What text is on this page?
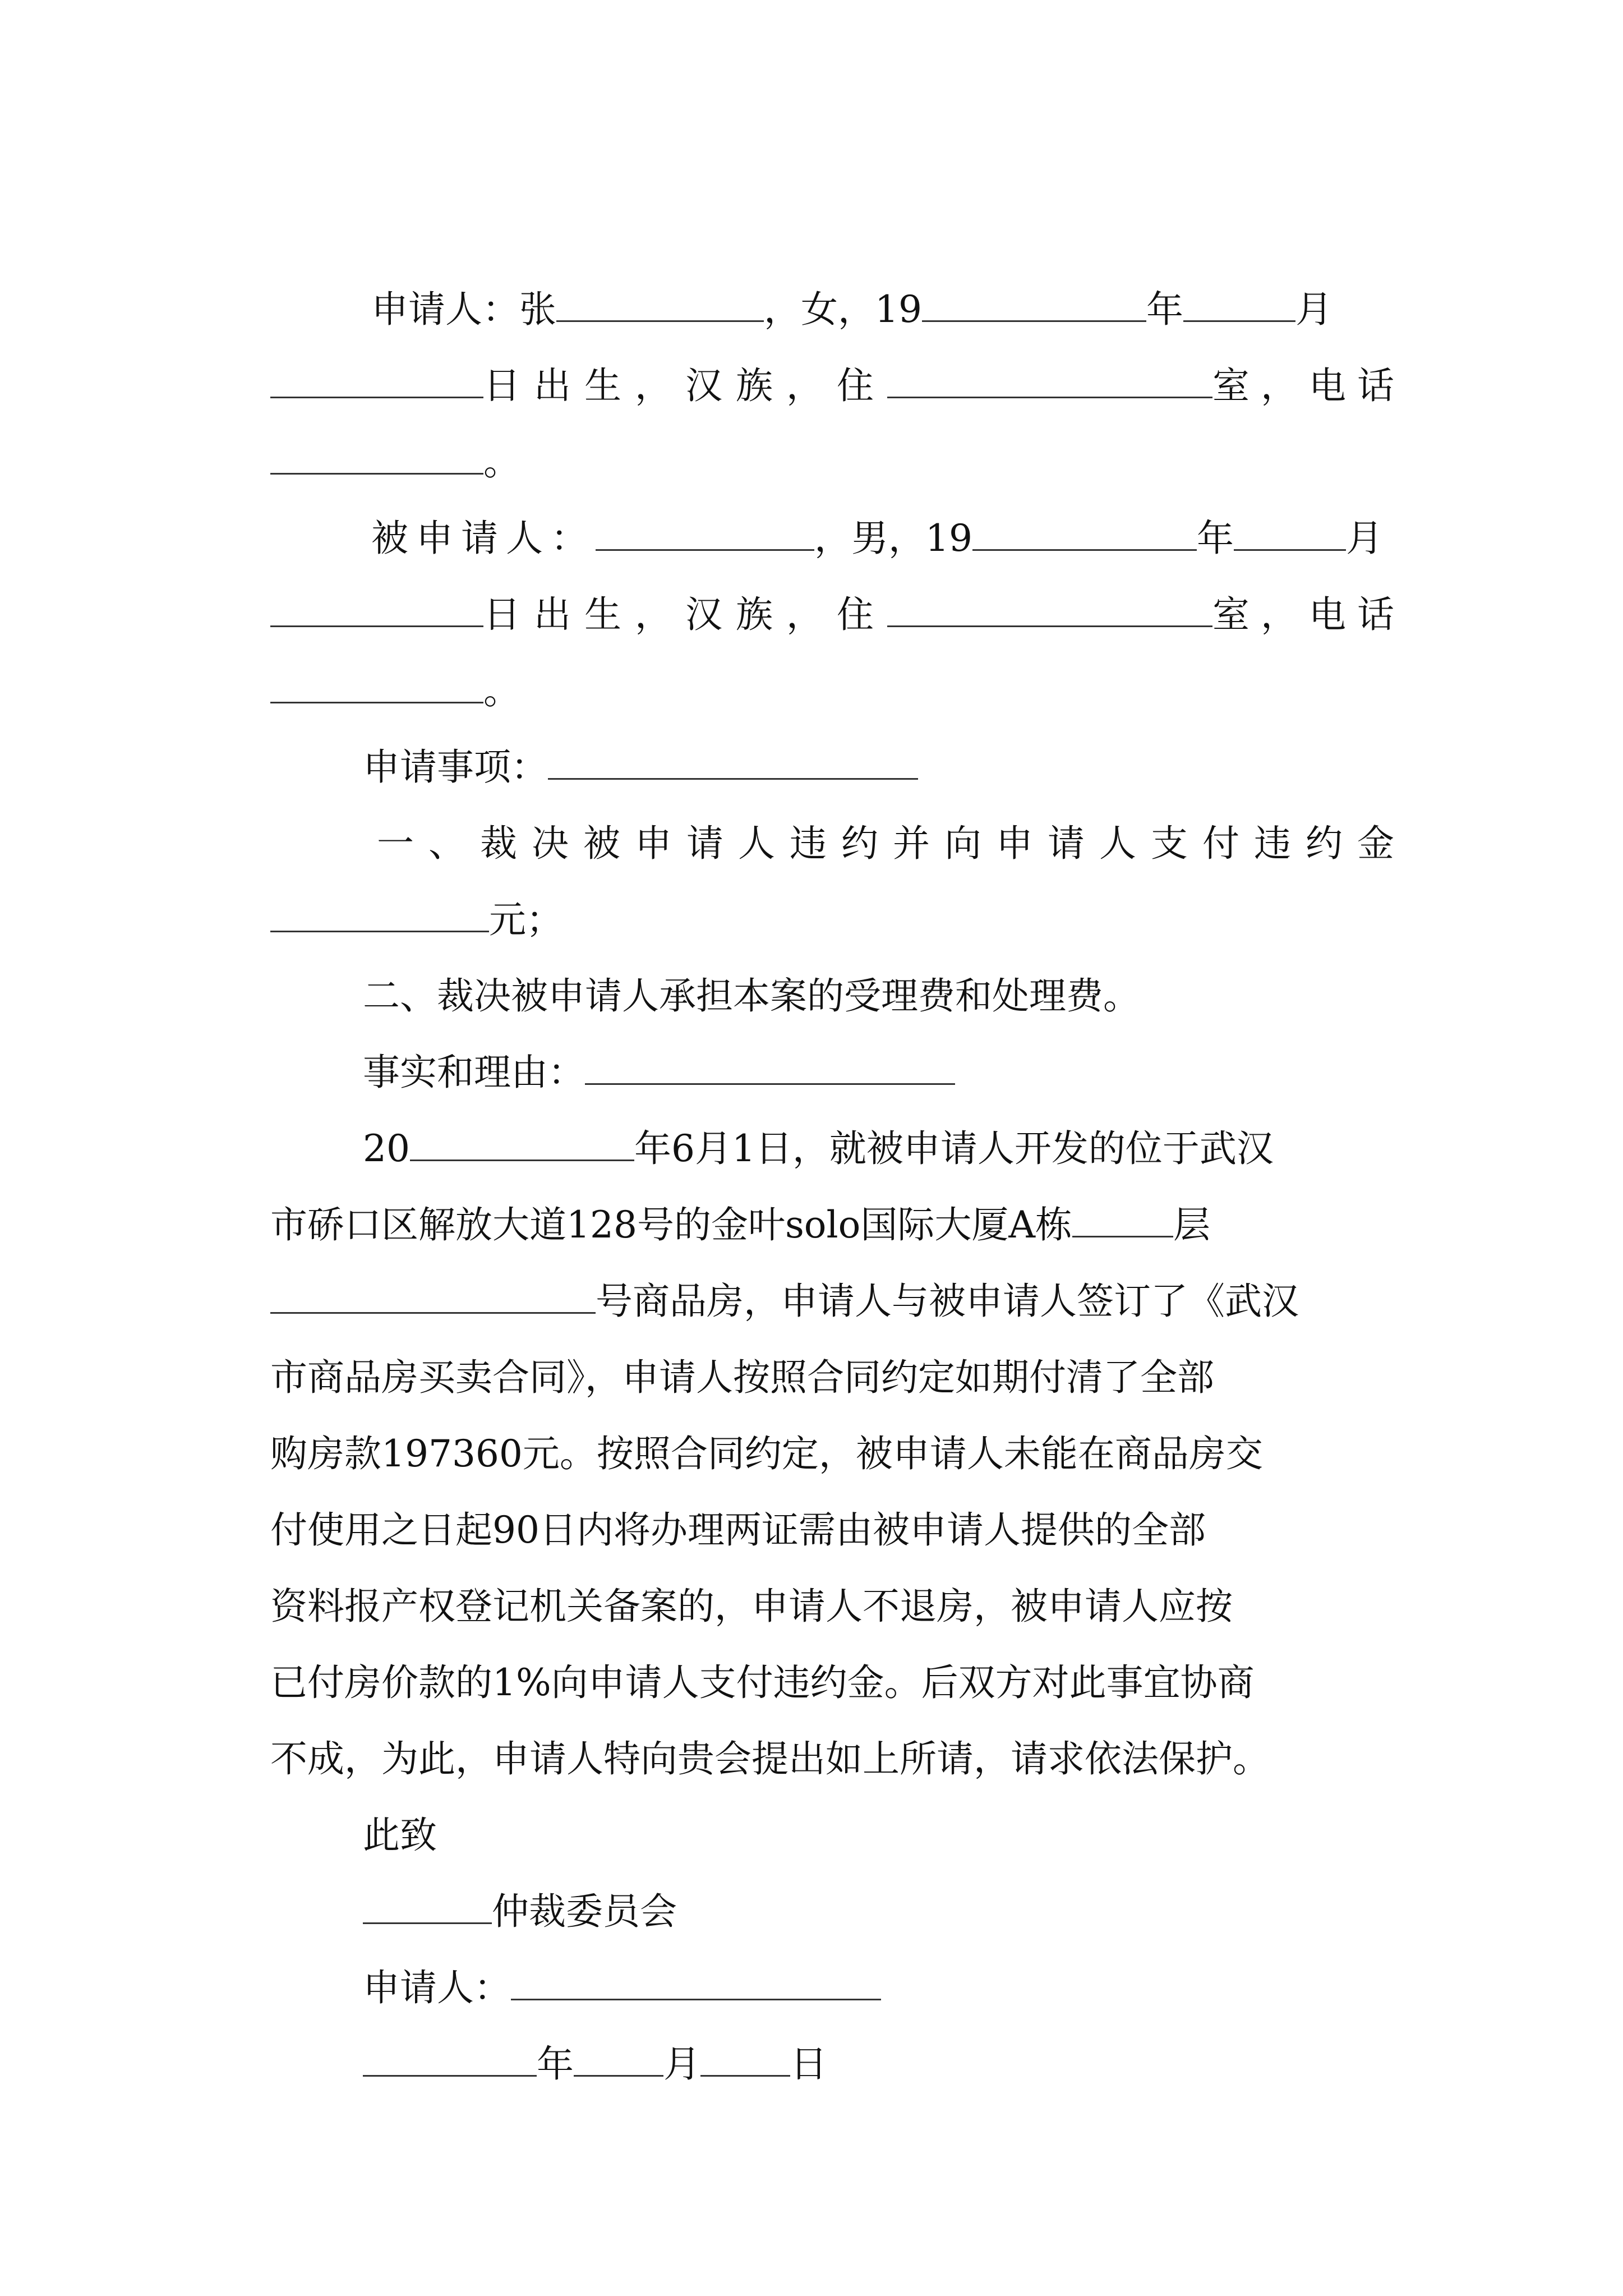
申请人：张	，女，19	年	月

日出生，汉族，住	室，电话

。

被申请人：	，男，19	年	月

日出生，汉族，住	室，电话

。

申请事项：

一、裁决被申请人违约并向申请人支付违约金

元；

二、裁决被申请人承担本案的受理费和处理费。

事实和理由：

20	年6月1日，就被申请人开发的位于武汉

市硚口区解放大道128号的金叶solo国际大厦A栋	层

号商品房，申请人与被申请人签订了《武汉

市商品房买卖合同》，申请人按照合同约定如期付清了全部

购房款197360元。按照合同约定，被申请人未能在商品房交

付使用之日起90日内将办理两证需由被申请人提供的全部

资料报产权登记机关备案的，申请人不退房，被申请人应按

已付房价款的1%向申请人支付违约金。后双方对此事宜协商

不成，为此，申请人特向贵会提出如上所请，请求依法保护。

此致

仲裁委员会

申请人：

年 月 日
